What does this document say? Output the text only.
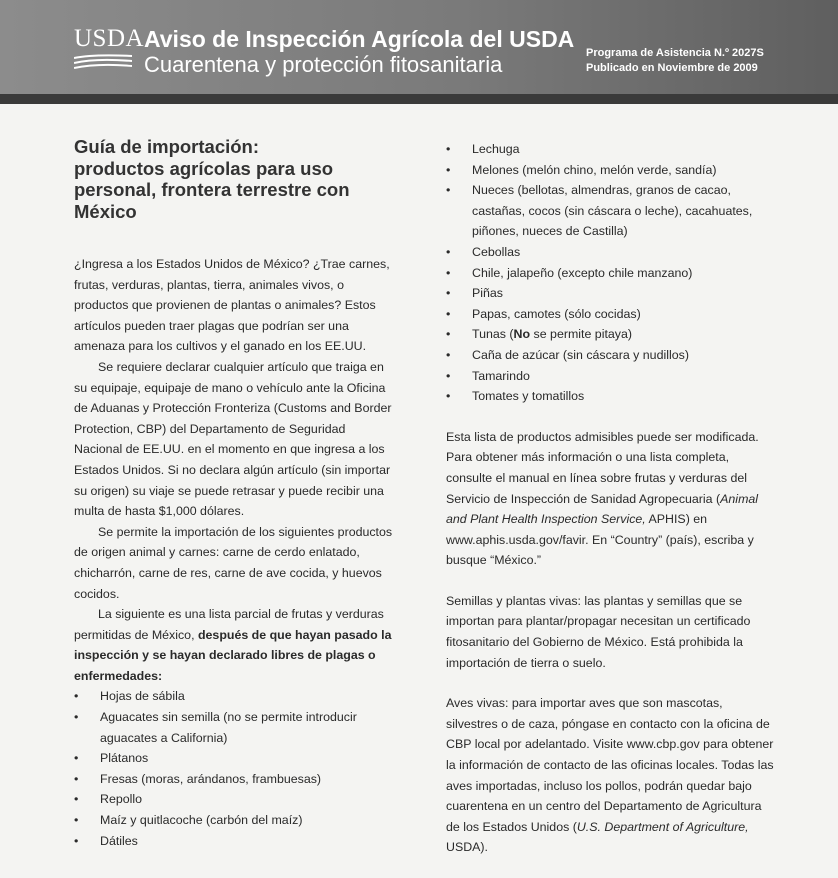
USDA Aviso de Inspección Agrícola del USDA
Cuarentena y protección fitosanitaria	Programa de Asistencia N.º 2027S
Publicado en Noviembre de 2009
Guía de importación:
productos agrícolas para uso
personal, frontera terrestre con
México

¿Ingresa a los Estados Unidos de México? ¿Trae carnes, frutas, verduras, plantas, tierra, animales vivos, o productos que provienen de plantas o animales? Estos artículos pueden traer plagas que podrían ser una amenaza para los cultivos y el ganado en los EE.UU.

Se requiere declarar cualquier artículo que traiga en su equipaje, equipaje de mano o vehículo ante la Oficina de Aduanas y Protección Fronteriza (Customs and Border Protection, CBP) del Departamento de Seguridad Nacional de EE.UU. en el momento en que ingresa a los Estados Unidos. Si no declara algún artículo (sin importar su origen) su viaje se puede retrasar y puede recibir una multa de hasta $1,000 dólares.

Se permite la importación de los siguientes productos de origen animal y carnes: carne de cerdo enlatado, chicharrón, carne de res, carne de ave cocida, y huevos cocidos.

La siguiente es una lista parcial de frutas y verduras permitidas de México, después de que hayan pasado la inspección y se hayan declarado libres de plagas o enfermedades:

• Hojas de sábila
• Aguacates sin semilla (no se permite introducir aguacates a California)
• Plátanos
• Fresas (moras, arándanos, frambuesas)
• Repollo
• Maíz y quitlacoche (carbón del maíz)
• Dátiles
• Lechuga
• Melones (melón chino, melón verde, sandía)
• Nueces (bellotas, almendras, granos de cacao, castañas, cocos (sin cáscara o leche), cacahuates, piñones, nueces de Castilla)
• Cebollas
• Chile, jalapeño (excepto chile manzano)
• Piñas
• Papas, camotes (sólo cocidas)
• Tunas (No se permite pitaya)
• Caña de azúcar (sin cáscara y nudillos)
• Tamarindo
• Tomates y tomatillos

Esta lista de productos admisibles puede ser modificada. Para obtener más información o una lista completa, consulte el manual en línea sobre frutas y verduras del Servicio de Inspección de Sanidad Agropecuaria (Animal and Plant Health Inspection Service, APHIS) en www.aphis.usda.gov/favir. En “Country” (país), escriba y busque “México.”

Semillas y plantas vivas: las plantas y semillas que se importan para plantar/propagar necesitan un certificado fitosanitario del Gobierno de México. Está prohibida la importación de tierra o suelo.

Aves vivas: para importar aves que son mascotas, silvestres o de caza, póngase en contacto con la oficina de CBP local por adelantado. Visite www.cbp.gov para obtener la información de contacto de las oficinas locales. Todas las aves importadas, incluso los pollos, podrán quedar bajo cuarentena en un centro del Departamento de Agricultura de los Estados Unidos (U.S. Department of Agriculture, USDA).
